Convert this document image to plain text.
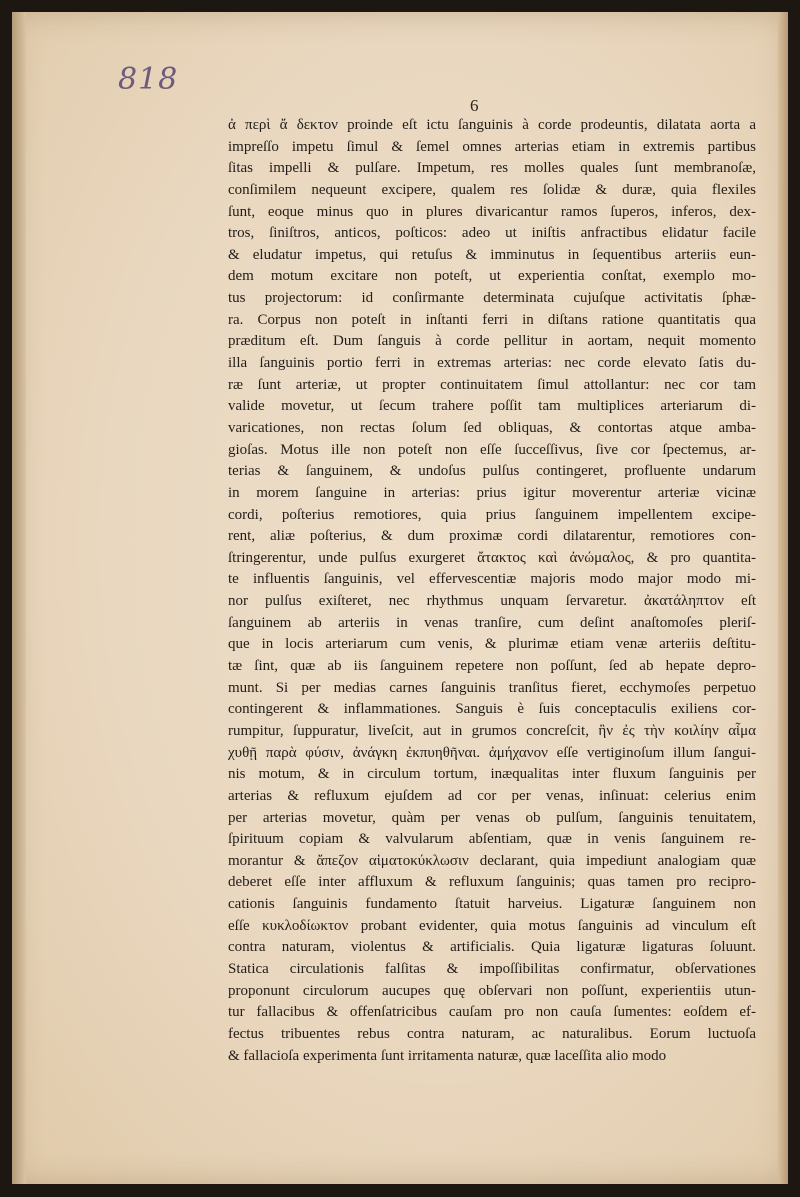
818
6
ἀ περὶ ἄ δεκτον proinde eſt ictu ſanguinis à corde prodeuntis, dilatata aorta a
impreſſo impetu ſimul & ſemel omnes arterias etiam in extremis partibus
ſitas impelli & pulſare. Impetum, res molles quales ſunt membranoſæ,
conſimilem nequeunt excipere, qualem res ſolidæ & duræ, quia flexiles
ſunt, eoque minus quo in plures divaricantur ramos ſuperos, inferos, dex-
tros, ſiniſtros, anticos, poſticos: adeo ut iniſtis anfractibus elidatur facile
& eludatur impetus, qui retuſus & imminutus in ſequentibus arteriis eun-
dem motum excitare non poteſt, ut experientia conſtat, exemplo mo-
tus projectorum: id conſirmante determinata cujuſque activitatis ſphæ-
ra. Corpus non poteſt in inſtanti ferri in diſtans ratione quantitatis qua
præditum eſt. Dum ſanguis à corde pellitur in aortam, nequit momento
illa ſanguinis portio ferri in extremas arterias: nec corde elevato ſatis du-
ræ ſunt arteriæ, ut propter continuitatem ſimul attollantur: nec cor tam
valide movetur, ut ſecum trahere poſſit tam multiplices arteriarum di-
varicationes, non rectas ſolum ſed obliquas, & contortas atque amba-
gioſas. Motus ille non poteſt non eſſe ſucceſſivus, ſive cor ſpectemus, ar-
terias & ſanguinem, & undoſus pulſus contingeret, profluente undarum
in morem ſanguine in arterias: prius igitur moverentur arteriæ vicinæ
cordi, poſterius remotiores, quia prius ſanguinem impellentem excipe-
rent, aliæ poſterius, & dum proximæ cordi dilatarentur, remotiores con-
ſtringerentur, unde pulſus exurgeret ἄτακτος καὶ ἀνώμαλος, & pro quantita-
te influentis ſanguinis, vel effervescentiæ majoris modo major modo mi-
nor pulſus exiſteret, nec rhythmus unquam ſervaretur. ἀκατάληπτον eſt
ſanguinem ab arteriis in venas tranſire, cum deſint anaſtomoſes pleriſ-
que in locis arteriarum cum venis, & plurimæ etiam venæ arteriis deſtitu-
tæ ſint, quæ ab iis ſanguinem repetere non poſſunt, ſed ab hepate depro-
munt. Si per medias carnes ſanguinis tranſitus fieret, ecchymoſes perpetuo
contingerent & inflammationes. Sanguis è ſuis conceptaculis exiliens cor-
rumpitur, ſuppuratur, liveſcit, aut in grumos concreſcit, ἣν ἐς τὴν κοιλίην αἷμα
χυθῇ παρὰ φύσιν, ἀνάγκη ἐκπυηθῆναι. ἀμήχανον eſſe vertiginoſum illum ſangui-
nis motum, & in circulum tortum, inæqualitas inter fluxum ſanguinis per
arterias & refluxum ejuſdem ad cor per venas, inſinuat: celerius enim
per arterias movetur, quàm per venas ob pulſum, ſanguinis tenuitatem,
ſpirituum copiam & valvularum abſentiam, quæ in venis ſanguinem re-
morantur & ἄπεζον αἱματοκύκλωσιν declarant, quia impediunt analogiam quæ
deberet eſſe inter affluxum & refluxum ſanguinis; quas tamen pro recipro-
cationis ſanguinis fundamento ſtatuit harveius. Ligaturæ ſanguinem non
eſſe κυκλοδίωκτον probant evidenter, quia motus ſanguinis ad vinculum eſt
contra naturam, violentus & artificialis. Quia ligaturæ ligaturas ſoluunt.
Statica circulationis falſitas & impoſſibilitas confirmatur, obſervationes
proponunt circulorum aucupes quę obſervari non poſſunt, experientiis utun-
tur fallacibus & offenſatricibus cauſam pro non cauſa ſumentes: eoſdem ef-
fectus tribuentes rebus contra naturam, ac naturalibus. Eorum luctuoſa
& fallacioſa experimenta ſunt irritamenta naturæ, quæ laceſſita alio modo
